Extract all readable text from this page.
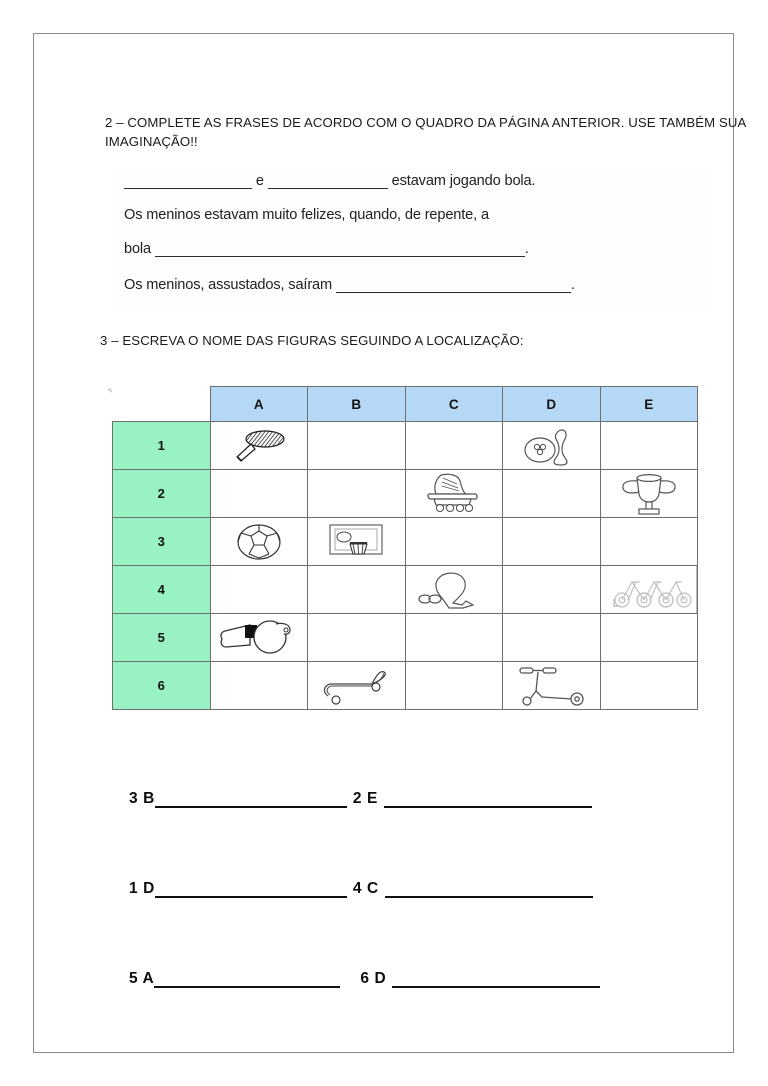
2 – COMPLETE AS FRASES DE ACORDO COM O QUADRO DA PÁGINA ANTERIOR. USE TAMBÉM SUA IMAGINAÇÃO!!
e	estavam jogando bola.
Os meninos estavam muito felizes, quando, de repente, a
bola	.
Os meninos, assustados, saíram	.
3 – ESCREVA O NOME DAS FIGURAS SEGUINDO A LOCALIZAÇÃO:
ᵃ˕
	A	B	C	D	E
1	

2			

3	

4			

5	

6		

3 B	2 E
1 D	4 C
5 A	6 D
